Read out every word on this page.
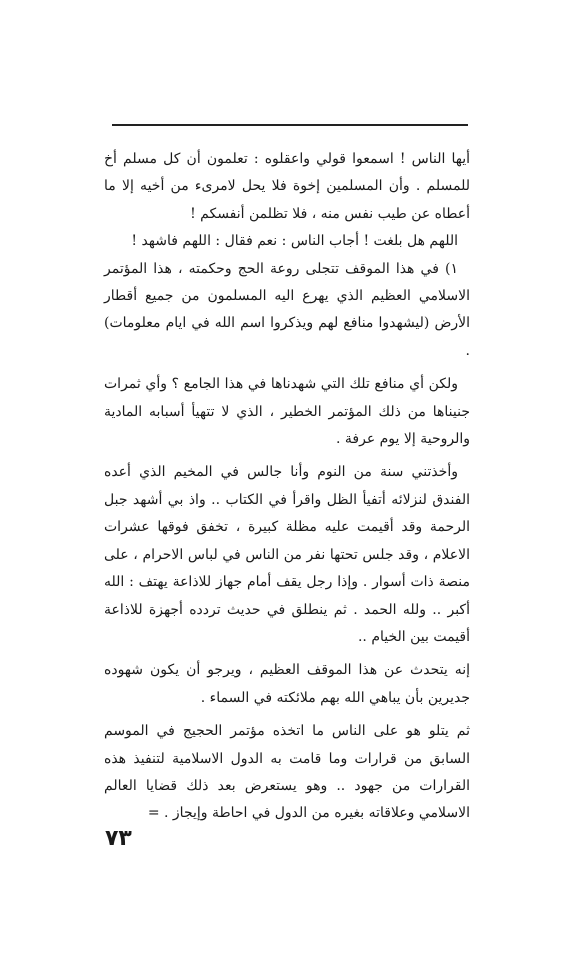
أيها الناس ! اسمعوا قولي واعقلوه : تعلمون أن كل مسلم أخ للمسلم . وأن المسلمين إخوة فلا يحل لامرىء من أخيه إلا ما أعطاه عن طيب نفس منه ، فلا تظلمن أنفسكم !

اللهم هل بلغت ! أجاب الناس : نعم فقال : اللهم فاشهد !

١) في هذا الموقف تتجلى روعة الحج وحكمته ، هذا المؤتمر الاسلامي العظيم الذي يهرع اليه المسلمون من جميع أقطار الأرض (ليشهدوا منافع لهم ويذكروا اسم الله في ايام معلومات) .

ولكن أي منافع تلك التي شهدناها في هذا الجامع ؟ وأي ثمرات جنيناها من ذلك المؤتمر الخطير ، الذي لا تتهيأ أسبابه المادية والروحية إلا يوم عرفة .

وأخذتني سنة من النوم وأنا جالس في المخيم الذي أعده الفندق لنزلائه أتفيأ الظل واقرأ في الكتاب .. واذ بي أشهد جبل الرحمة وقد أقيمت عليه مظلة كبيرة ، تخفق فوقها عشرات الاعلام ، وقد جلس تحتها نفر من الناس في لباس الاحرام ، على منصة ذات أسوار . وإذا رجل يقف أمام جهاز للاذاعة يهتف : الله أكبر .. ولله الحمد . ثم ينطلق في حديث تردده أجهزة للاذاعة أقيمت بين الخيام ..

إنه يتحدث عن هذا الموقف العظيم ، ويرجو أن يكون شهوده جديرين بأن يباهي الله بهم ملائكته في السماء .

ثم يتلو هو على الناس ما اتخذه مؤتمر الحجيج في الموسم السابق من قرارات وما قامت به الدول الاسلامية لتنفيذ هذه القرارات من جهود .. وهو يستعرض بعد ذلك قضايا العالم الاسلامي وعلاقاته بغيره من الدول في احاطة وإيجاز . =

٧٣
